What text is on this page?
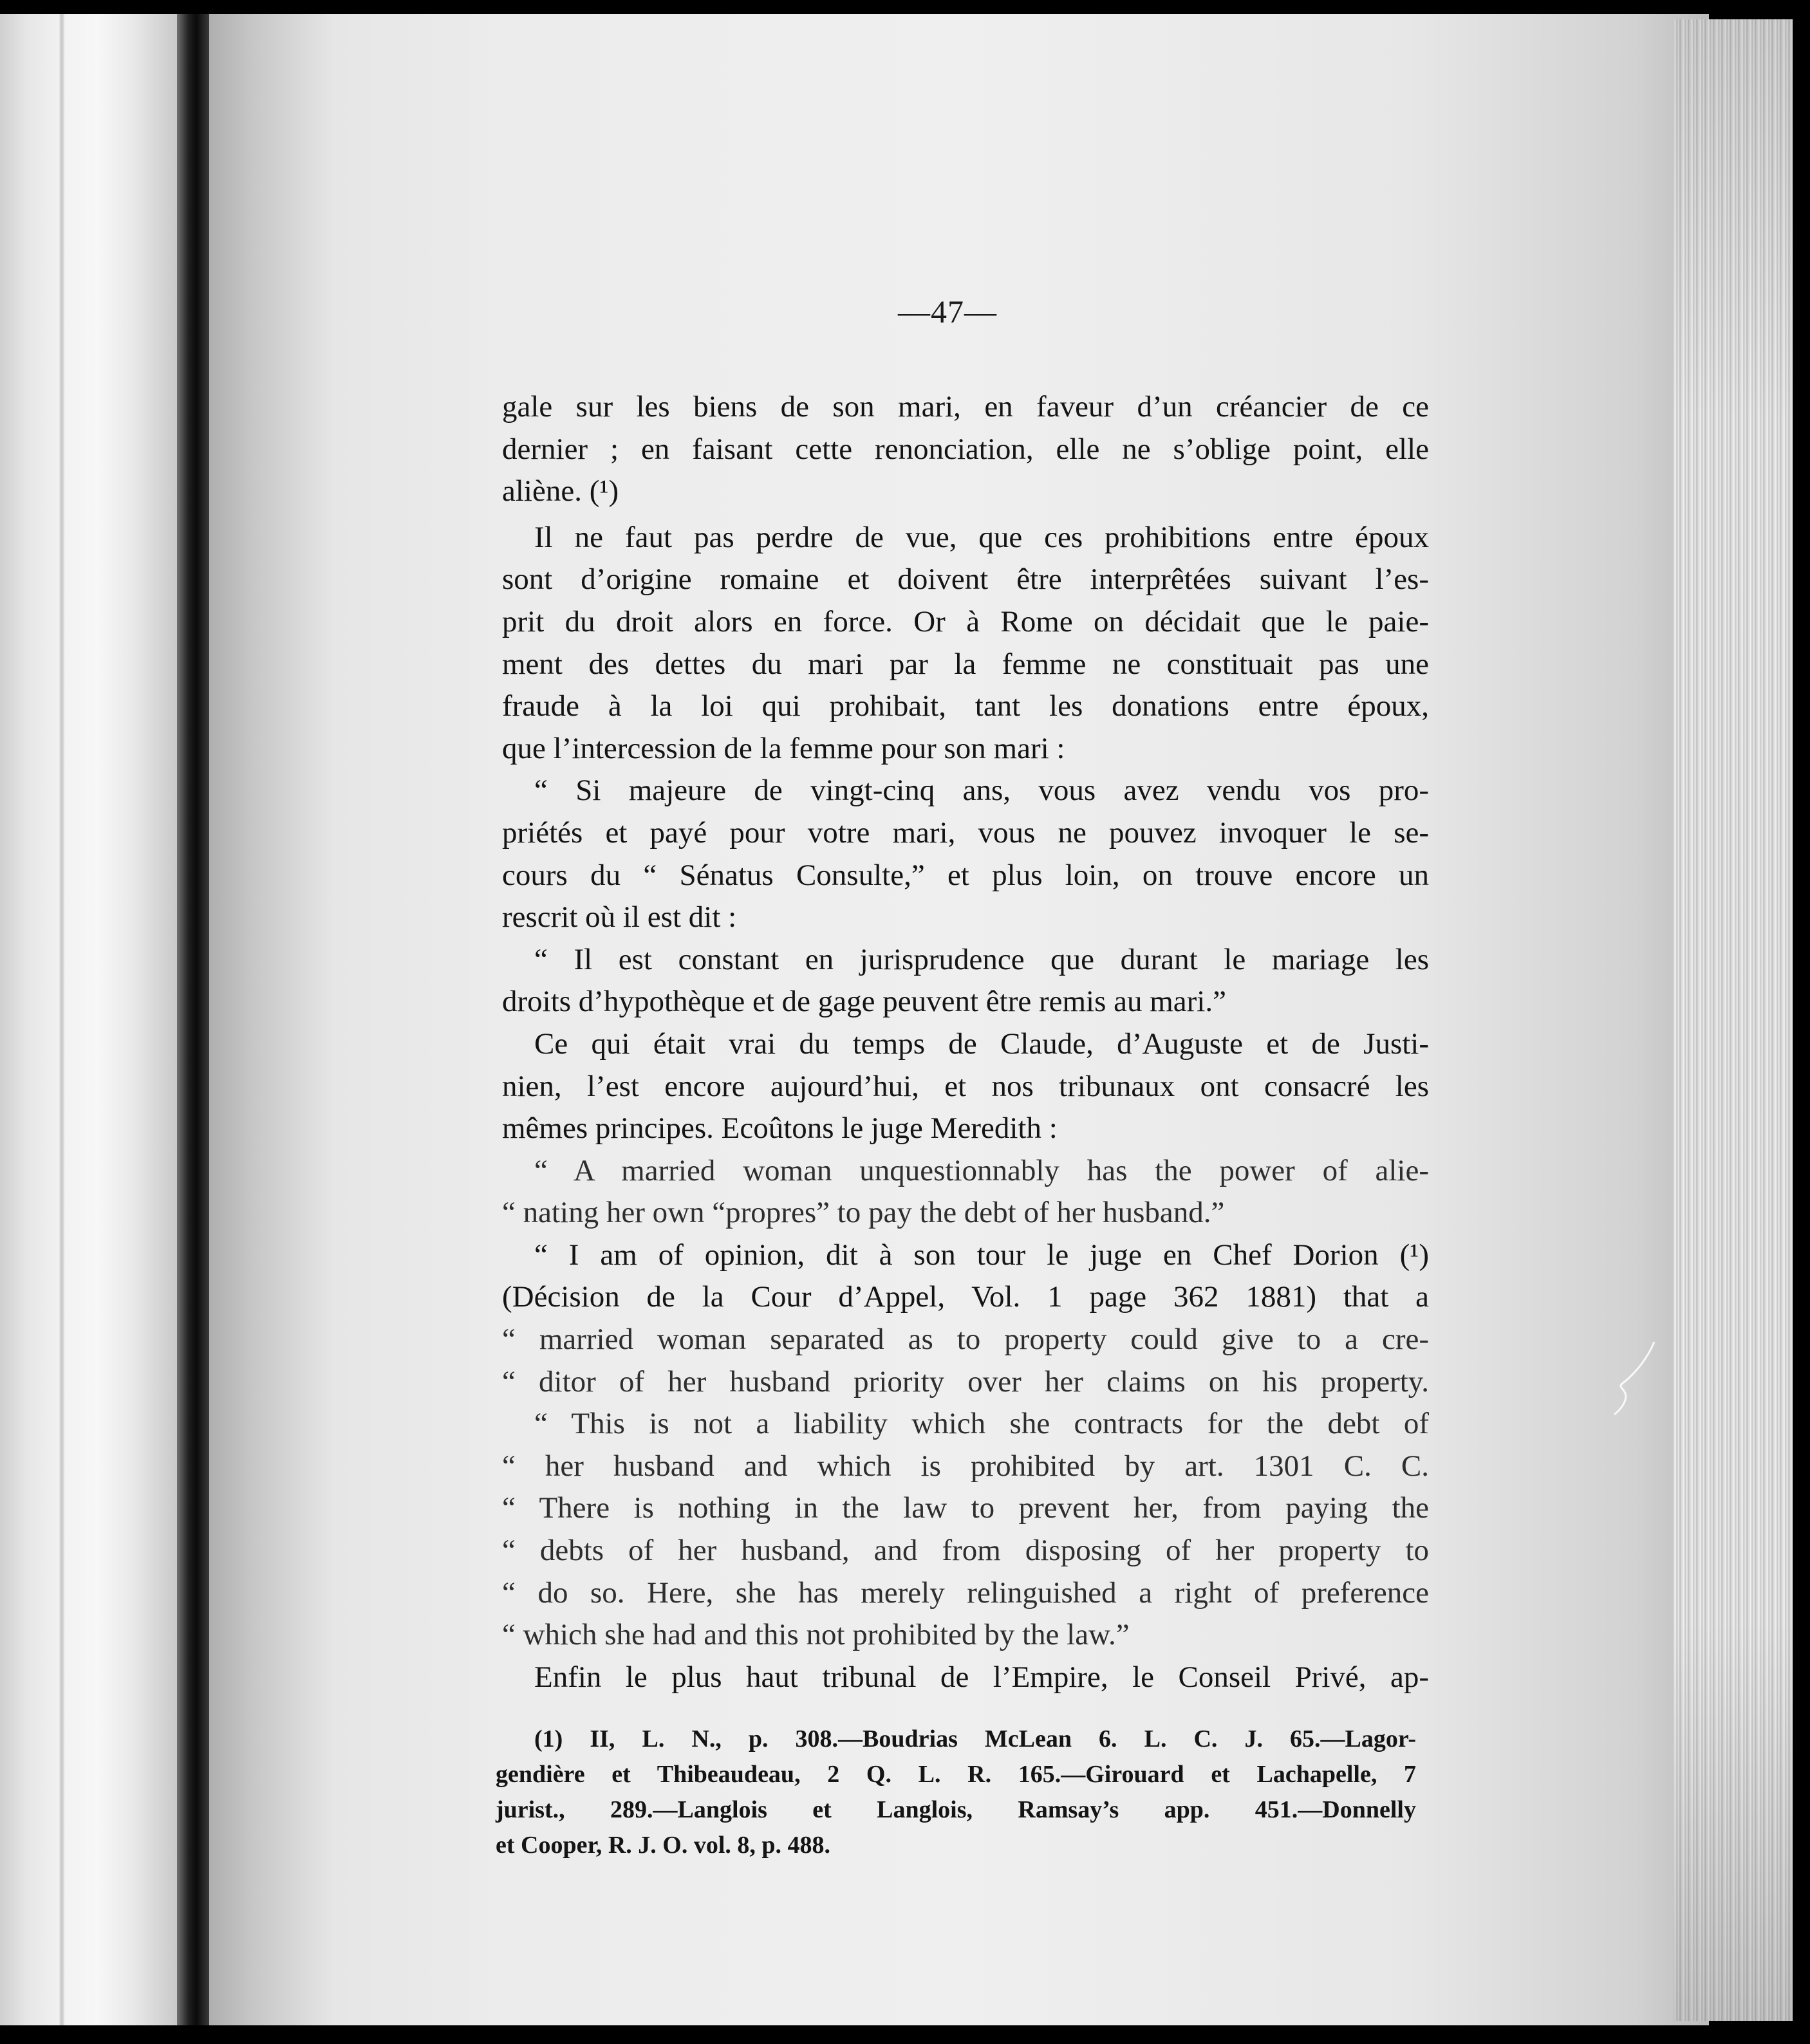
—47—
gale sur les biens de son mari, en faveur d’un créancier de ce
dernier ; en faisant cette renonciation, elle ne s’oblige point, elle
aliène. (¹)
Il ne faut pas perdre de vue, que ces prohibitions entre époux
sont d’origine romaine et doivent être interprêtées suivant l’es-
prit du droit alors en force. Or à Rome on décidait que le paie-
ment des dettes du mari par la femme ne constituait pas une
fraude à la loi qui prohibait, tant les donations entre époux,
que l’intercession de la femme pour son mari :
“ Si majeure de vingt-cinq ans, vous avez vendu vos pro-
priétés et payé pour votre mari, vous ne pouvez invoquer le se-
cours du “ Sénatus Consulte,” et plus loin, on trouve encore un
rescrit où il est dit :
“ Il est constant en jurisprudence que durant le mariage les
droits d’hypothèque et de gage peuvent être remis au mari.”
Ce qui était vrai du temps de Claude, d’Auguste et de Justi-
nien, l’est encore aujourd’hui, et nos tribunaux ont consacré les
mêmes principes. Ecoûtons le juge Meredith :
“ A married woman unquestionnably has the power of alie-
“ nating her own “propres” to pay the debt of her husband.”
“ I am of opinion, dit à son tour le juge en Chef Dorion (¹)
(Décision de la Cour d’Appel, Vol. 1 page 362 1881) that a
“ married woman separated as to property could give to a cre-
“ ditor of her husband priority over her claims on his property.
“ This is not a liability which she contracts for the debt of
“ her husband and which is prohibited by art. 1301 C. C.
“ There is nothing in the law to prevent her, from paying the
“ debts of her husband, and from disposing of her property to
“ do so. Here, she has merely relinguished a right of preference
“ which she had and this not prohibited by the law.”
Enfin le plus haut tribunal de l’Empire, le Conseil Privé, ap-
(1) II, L. N., p. 308.—Boudrias McLean 6. L. C. J. 65.—Lagor-
gendière et Thibeaudeau, 2 Q. L. R. 165.—Girouard et Lachapelle, 7
jurist., 289.—Langlois et Langlois, Ramsay’s app. 451.—Donnelly
et Cooper, R. J. O. vol. 8, p. 488.
